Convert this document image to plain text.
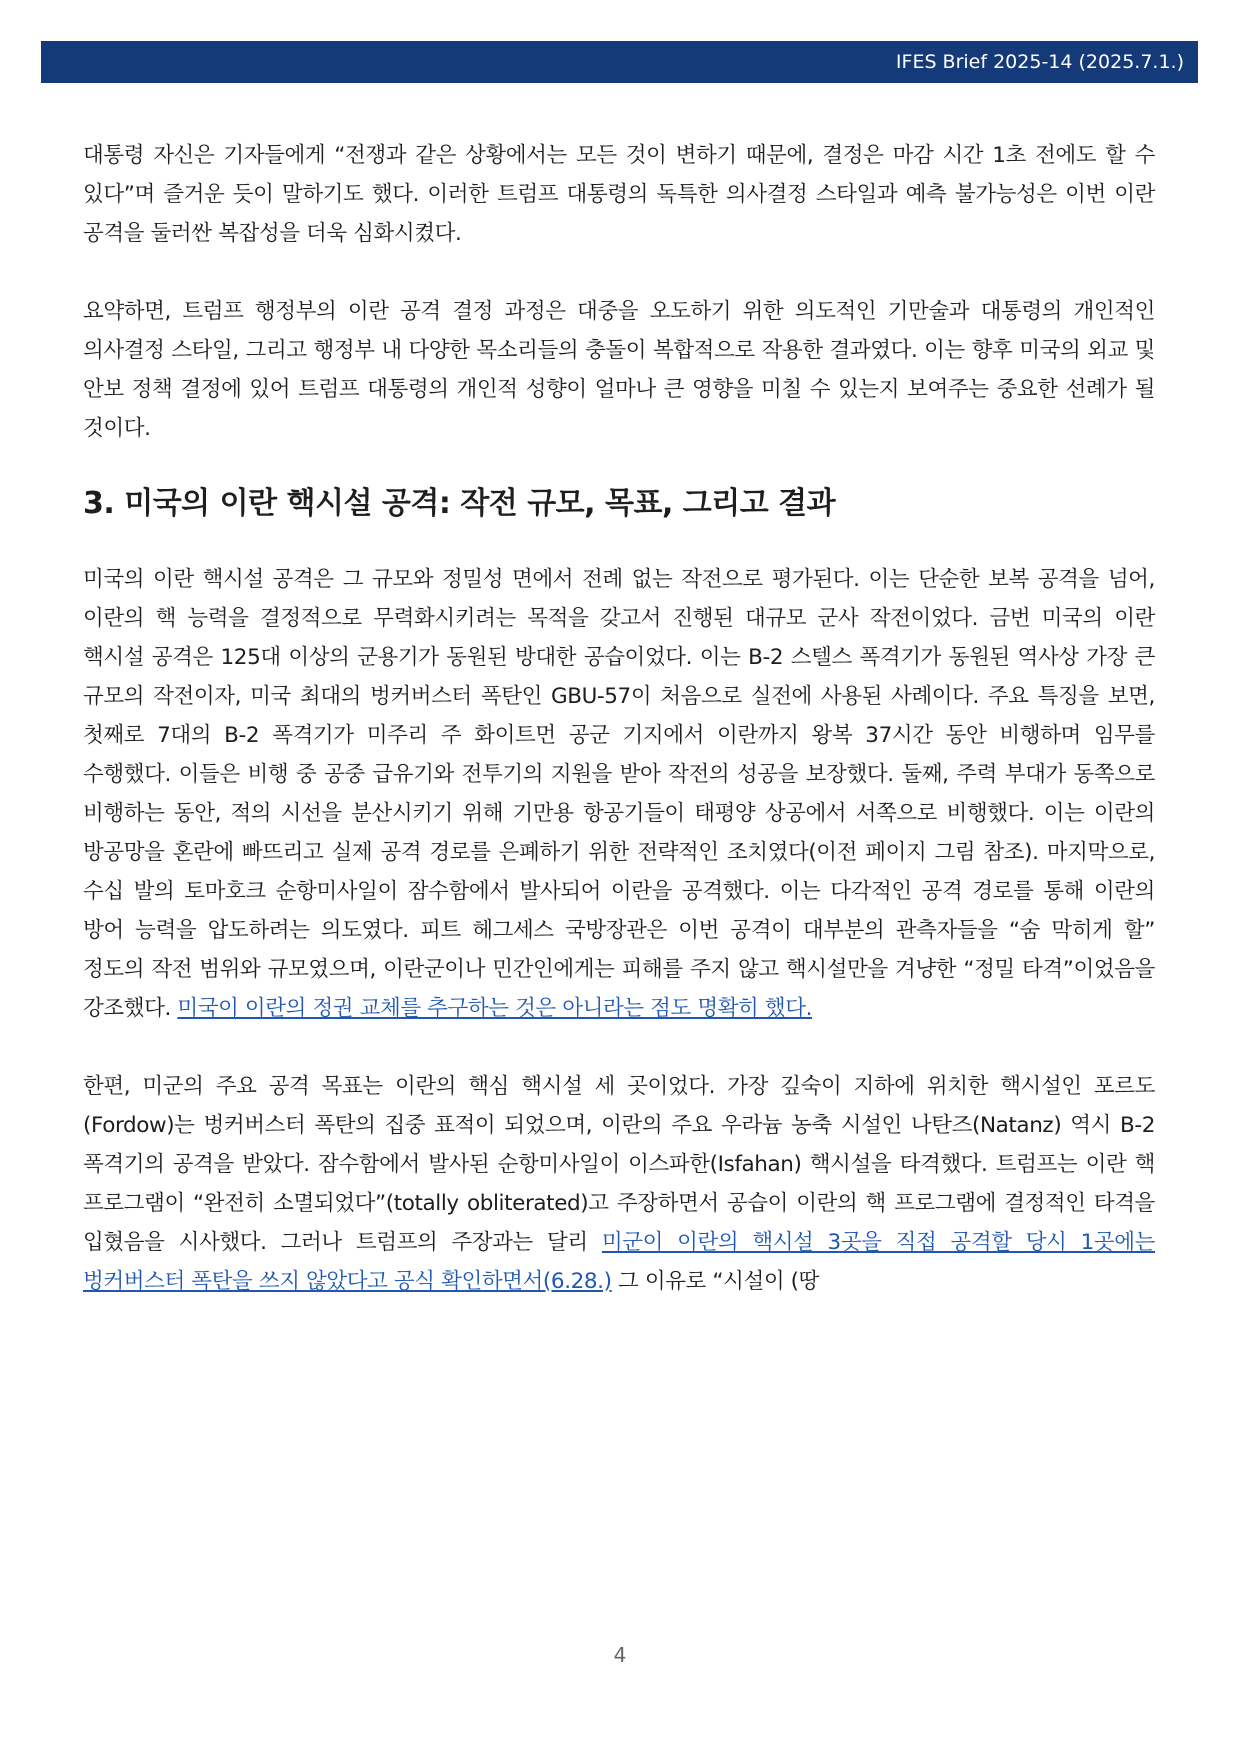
IFES Brief 2025-14 (2025.7.1.)

대통령 자신은 기자들에게 “전쟁과 같은 상황에서는 모든 것이 변하기 때문에, 결정은 마감 시간 1초 전에도 할 수 있다”며 즐거운 듯이 말하기도 했다. 이러한 트럼프 대통령의 독특한 의사결정 스타일과 예측 불가능성은 이번 이란 공격을 둘러싼 복잡성을 더욱 심화시켰다.

요약하면, 트럼프 행정부의 이란 공격 결정 과정은 대중을 오도하기 위한 의도적인 기만술과 대통령의 개인적인 의사결정 스타일, 그리고 행정부 내 다양한 목소리들의 충돌이 복합적으로 작용한 결과였다. 이는 향후 미국의 외교 및 안보 정책 결정에 있어 트럼프 대통령의 개인적 성향이 얼마나 큰 영향을 미칠 수 있는지 보여주는 중요한 선례가 될 것이다.

3. 미국의 이란 핵시설 공격: 작전 규모, 목표, 그리고 결과

미국의 이란 핵시설 공격은 그 규모와 정밀성 면에서 전례 없는 작전으로 평가된다. 이는 단순한 보복 공격을 넘어, 이란의 핵 능력을 결정적으로 무력화시키려는 목적을 갖고서 진행된 대규모 군사 작전이었다. 금번 미국의 이란 핵시설 공격은 125대 이상의 군용기가 동원된 방대한 공습이었다. 이는 B-2 스텔스 폭격기가 동원된 역사상 가장 큰 규모의 작전이자, 미국 최대의 벙커버스터 폭탄인 GBU-57이 처음으로 실전에 사용된 사례이다. 주요 특징을 보면, 첫째로 7대의 B-2 폭격기가 미주리 주 화이트먼 공군 기지에서 이란까지 왕복 37시간 동안 비행하며 임무를 수행했다. 이들은 비행 중 공중 급유기와 전투기의 지원을 받아 작전의 성공을 보장했다. 둘째, 주력 부대가 동쪽으로 비행하는 동안, 적의 시선을 분산시키기 위해 기만용 항공기들이 태평양 상공에서 서쪽으로 비행했다. 이는 이란의 방공망을 혼란에 빠뜨리고 실제 공격 경로를 은폐하기 위한 전략적인 조치였다(이전 페이지 그림 참조). 마지막으로, 수십 발의 토마호크 순항미사일이 잠수함에서 발사되어 이란을 공격했다. 이는 다각적인 공격 경로를 통해 이란의 방어 능력을 압도하려는 의도였다. 피트 헤그세스 국방장관은 이번 공격이 대부분의 관측자들을 “숨 막히게 할” 정도의 작전 범위와 규모였으며, 이란군이나 민간인에게는 피해를 주지 않고 핵시설만을 겨냥한 “정밀 타격”이었음을 강조했다. 미국이 이란의 정권 교체를 추구하는 것은 아니라는 점도 명확히 했다.

한편, 미군의 주요 공격 목표는 이란의 핵심 핵시설 세 곳이었다. 가장 깊숙이 지하에 위치한 핵시설인 포르도(Fordow)는 벙커버스터 폭탄의 집중 표적이 되었으며, 이란의 주요 우라늄 농축 시설인 나탄즈(Natanz) 역시 B-2 폭격기의 공격을 받았다. 잠수함에서 발사된 순항미사일이 이스파한(Isfahan) 핵시설을 타격했다. 트럼프는 이란 핵 프로그램이 “완전히 소멸되었다”(totally obliterated)고 주장하면서 공습이 이란의 핵 프로그램에 결정적인 타격을 입혔음을 시사했다. 그러나 트럼프의 주장과는 달리 미군이 이란의 핵시설 3곳을 직접 공격할 당시 1곳에는 벙커버스터 폭탄을 쓰지 않았다고 공식 확인하면서(6.28.) 그 이유로 “시설이 (땅

4
